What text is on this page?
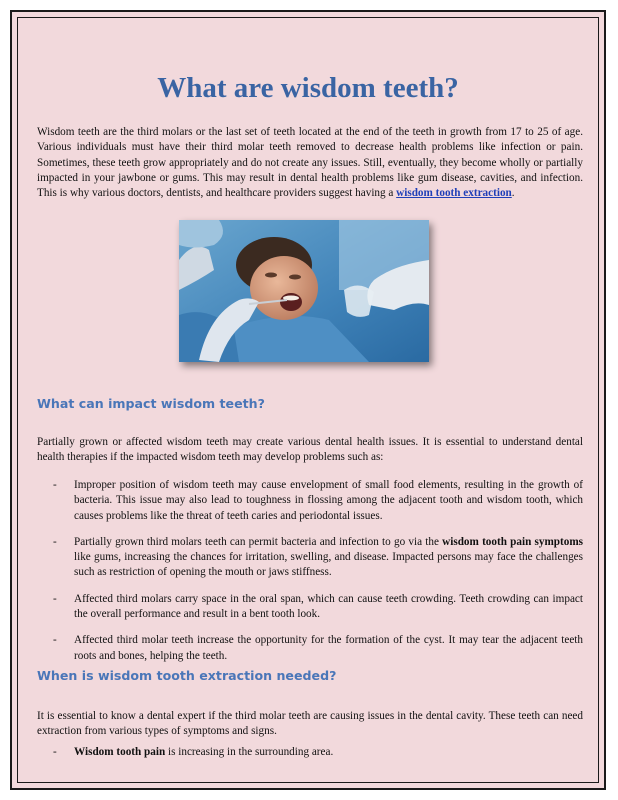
What are wisdom teeth?

Wisdom teeth are the third molars or the last set of teeth located at the end of the teeth in growth from 17 to 25 of age. Various individuals must have their third molar teeth removed to decrease health problems like infection or pain. Sometimes, these teeth grow appropriately and do not create any issues. Still, eventually, they become wholly or partially impacted in your jawbone or gums. This may result in dental health problems like gum disease, cavities, and infection. This is why various doctors, dentists, and healthcare providers suggest having a wisdom tooth extraction.

What can impact wisdom teeth?

Partially grown or affected wisdom teeth may create various dental health issues. It is essential to understand dental health therapies if the impacted wisdom teeth may develop problems such as:

- Improper position of wisdom teeth may cause envelopment of small food elements, resulting in the growth of bacteria. This issue may also lead to toughness in flossing among the adjacent tooth and wisdom tooth, which causes problems like the threat of teeth caries and periodontal issues.
- Partially grown third molars teeth can permit bacteria and infection to go via the wisdom tooth pain symptoms like gums, increasing the chances for irritation, swelling, and disease. Impacted persons may face the challenges such as restriction of opening the mouth or jaws stiffness.
- Affected third molars carry space in the oral span, which can cause teeth crowding. Teeth crowding can impact the overall performance and result in a bent tooth look.
- Affected third molar teeth increase the opportunity for the formation of the cyst. It may tear the adjacent teeth roots and bones, helping the teeth.
When is wisdom tooth extraction needed?

It is essential to know a dental expert if the third molar teeth are causing issues in the dental cavity. These teeth can need extraction from various types of symptoms and signs.

- Wisdom tooth pain is increasing in the surrounding area.
